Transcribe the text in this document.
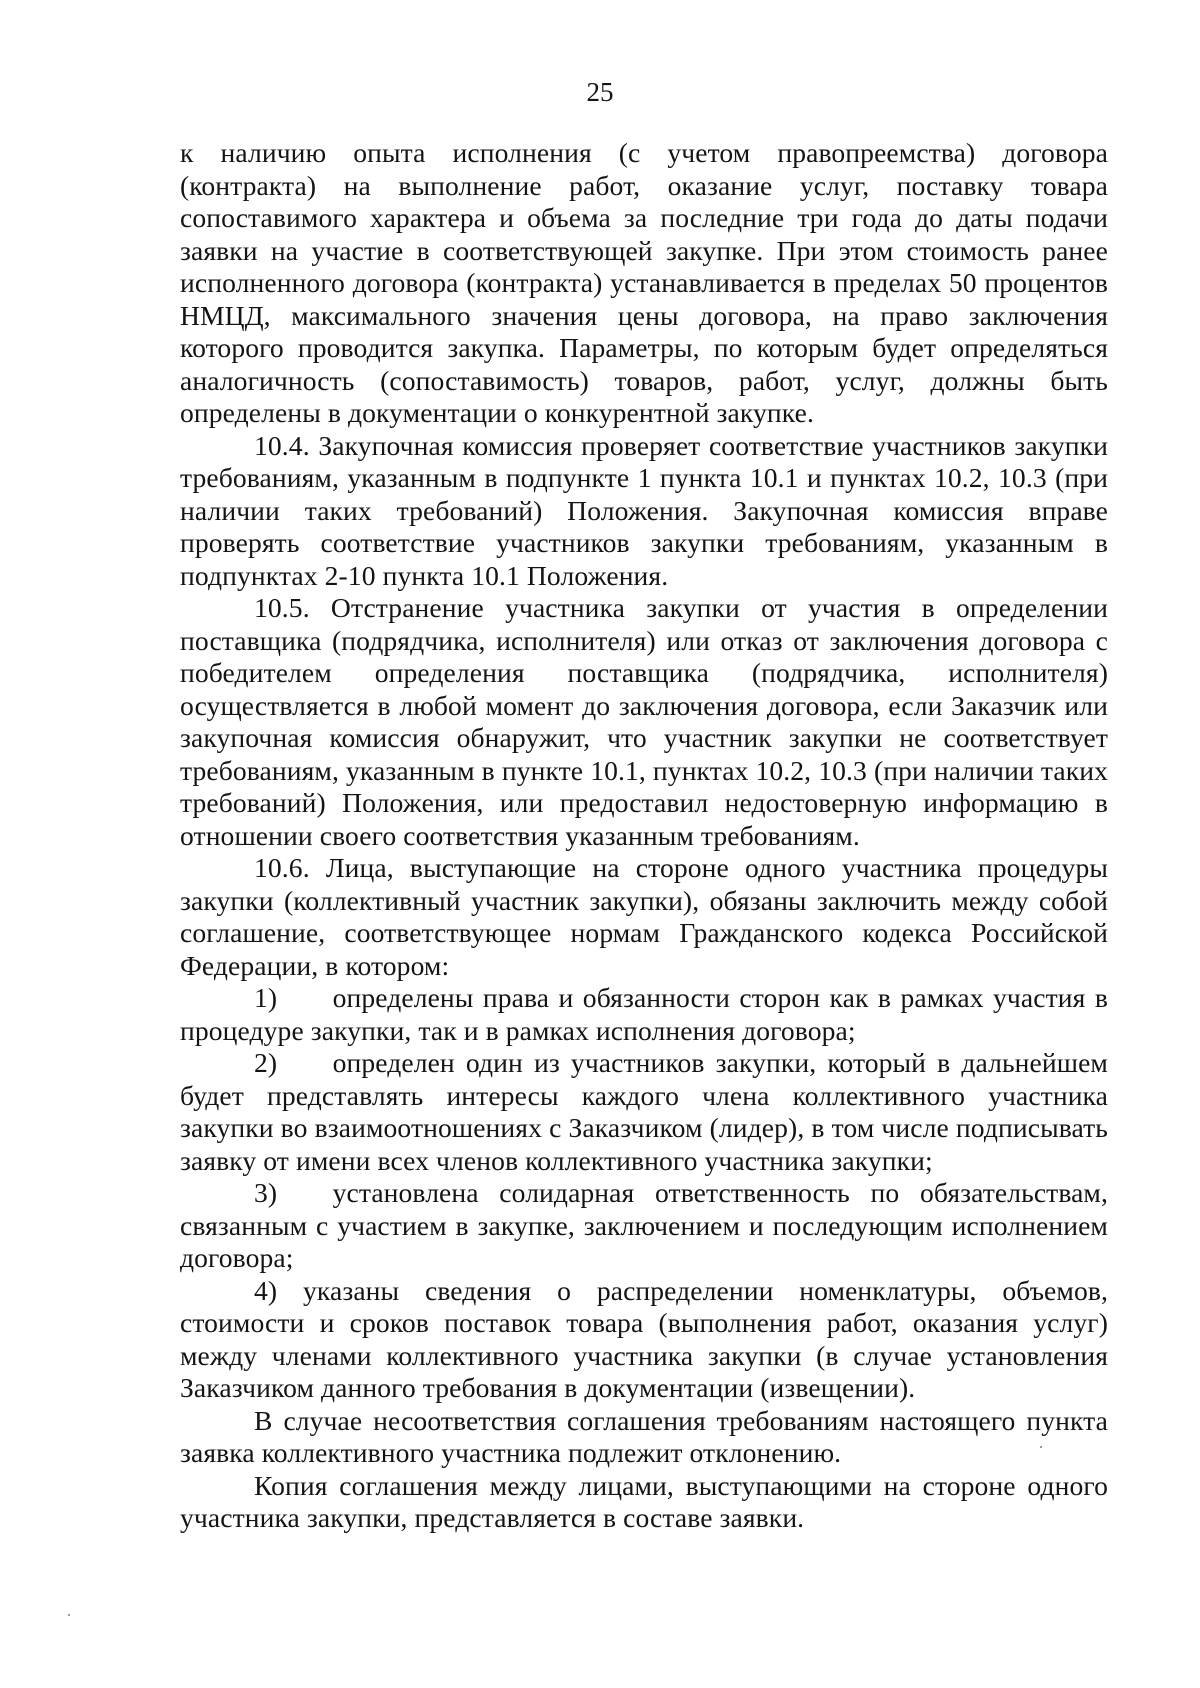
25

к наличию опыта исполнения (с учетом правопреемства) договора (контракта) на выполнение работ, оказание услуг, поставку товара сопоставимого характера и объема за последние три года до даты подачи заявки на участие в соответствующей закупке. При этом стоимость ранее исполненного договора (контракта) устанавливается в пределах 50 процентов НМЦД, максимального значения цены договора, на право заключения которого проводится закупка. Параметры, по которым будет определяться аналогичность (сопоставимость) товаров, работ, услуг, должны быть определены в документации о конкурентной закупке.

10.4. Закупочная комиссия проверяет соответствие участников закупки требованиям, указанным в подпункте 1 пункта 10.1 и пунктах 10.2, 10.3 (при наличии таких требований) Положения. Закупочная комиссия вправе проверять соответствие участников закупки требованиям, указанным в подпунктах 2-10 пункта 10.1 Положения.

10.5. Отстранение участника закупки от участия в определении поставщика (подрядчика, исполнителя) или отказ от заключения договора с победителем определения поставщика (подрядчика, исполнителя) осуществляется в любой момент до заключения договора, если Заказчик или закупочная комиссия обнаружит, что участник закупки не соответствует требованиям, указанным в пункте 10.1, пунктах 10.2, 10.3 (при наличии таких требований) Положения, или предоставил недостоверную информацию в отношении своего соответствия указанным требованиям.

10.6. Лица, выступающие на стороне одного участника процедуры закупки (коллективный участник закупки), обязаны заключить между собой соглашение, соответствующее нормам Гражданского кодекса Российской Федерации, в котором:

1)  определены права и обязанности сторон как в рамках участия в процедуре закупки, так и в рамках исполнения договора;

2)  определен один из участников закупки, который в дальнейшем будет представлять интересы каждого члена коллективного участника закупки во взаимоотношениях с Заказчиком (лидер), в том числе подписывать заявку от имени всех членов коллективного участника закупки;

3)  установлена солидарная ответственность по обязательствам, связанным с участием в закупке, заключением и последующим исполнением договора;

4) указаны сведения о распределении номенклатуры, объемов, стоимости и сроков поставок товара (выполнения работ, оказания услуг) между членами коллективного участника закупки (в случае установления Заказчиком данного требования в документации (извещении).

В случае несоответствия соглашения требованиям настоящего пункта заявка коллективного участника подлежит отклонению.

Копия соглашения между лицами, выступающими на стороне одного участника закупки, представляется в составе заявки.
